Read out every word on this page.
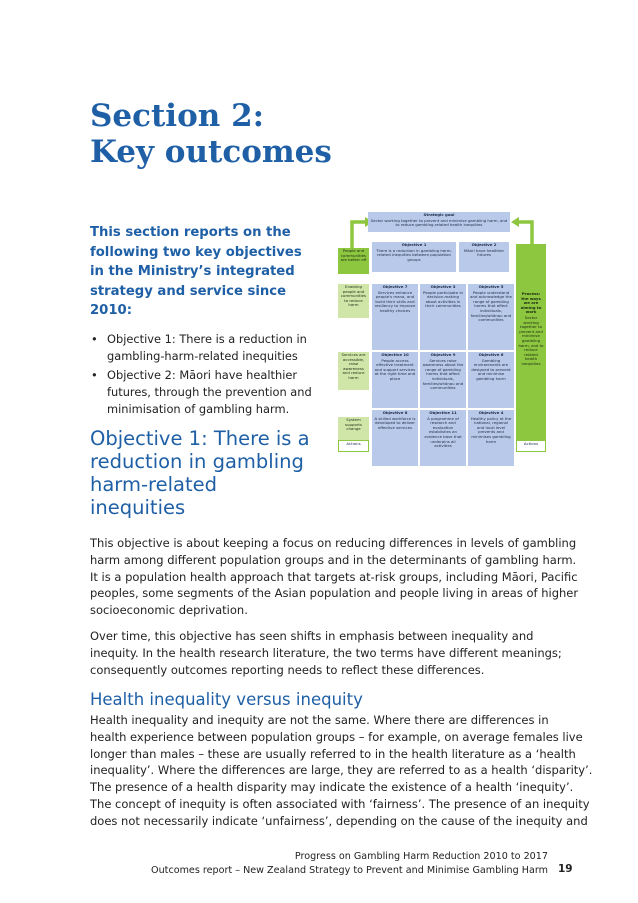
Section 2:
Key outcomes
This section reports on the
following two key objectives
in the Ministry’s integrated
strategy and service since
2010:
• Objective 1: There is a reduction in
gambling-harm-related inequities
• Objective 2: Māori have healthier
futures, through the prevention and
minimisation of gambling harm.
Objective 1: There is a
reduction in gambling
harm-related
inequities
Strategic goal
Sector working together to prevent and minimise gambling harm, and to reduce gambling-related health inequities
People and communities are better off
Enabling people and communities to reduce harm
Services are accessible, raise awareness and reduce harm
System supports change
Actions
Objective 1
There is a reduction in gambling harm-related inequities between population groups
Objective 2
Māori have healthier futures
Objective 7
Services enhance people's mana, and build their skills and resiliency to improve healthy choices
Objective 3
People participate in decision-making about activities in their communities
Objective 5
People understand and acknowledge the range of gambling harms that affect individuals, families/whānau and communities
Objective 10
People access effective treatment and support services at the right time and place
Objective 9
Services raise awareness about the range of gambling harms that affect individuals, families/whānau and communities
Objective 6
Gambling environments are designed to prevent and minimise gambling harm
Objective 8
A skilled workforce is developed to deliver effective services
Objective 11
A programme of research and evaluation establishes an evidence base that underpins all activities
Objective 4
Healthy policy at the national, regional and local level prevents and minimises gambling harm
Process: the ways we are aiming to work
Sector working together to prevent and minimise gambling harm, and to reduce related health inequities
Actions
This objective is about keeping a focus on reducing differences in levels of gambling
harm among different population groups and in the determinants of gambling harm.
It is a population health approach that targets at-risk groups, including Māori, Pacific
peoples, some segments of the Asian population and people living in areas of higher
socioeconomic deprivation.
Over time, this objective has seen shifts in emphasis between inequality and
inequity. In the health research literature, the two terms have different meanings;
consequently outcomes reporting needs to reflect these differences.
Health inequality versus inequity
Health inequality and inequity are not the same. Where there are differences in
health experience between population groups – for example, on average females live
longer than males – these are usually referred to in the health literature as a ‘health
inequality’. Where the differences are large, they are referred to as a health ‘disparity’.
The presence of a health disparity may indicate the existence of a health ‘inequity’.
The concept of inequity is often associated with ‘fairness’. The presence of an inequity
does not necessarily indicate ‘unfairness’, depending on the cause of the inequity and
Progress on Gambling Harm Reduction 2010 to 2017
Outcomes report – New Zealand Strategy to Prevent and Minimise Gambling Harm 19
